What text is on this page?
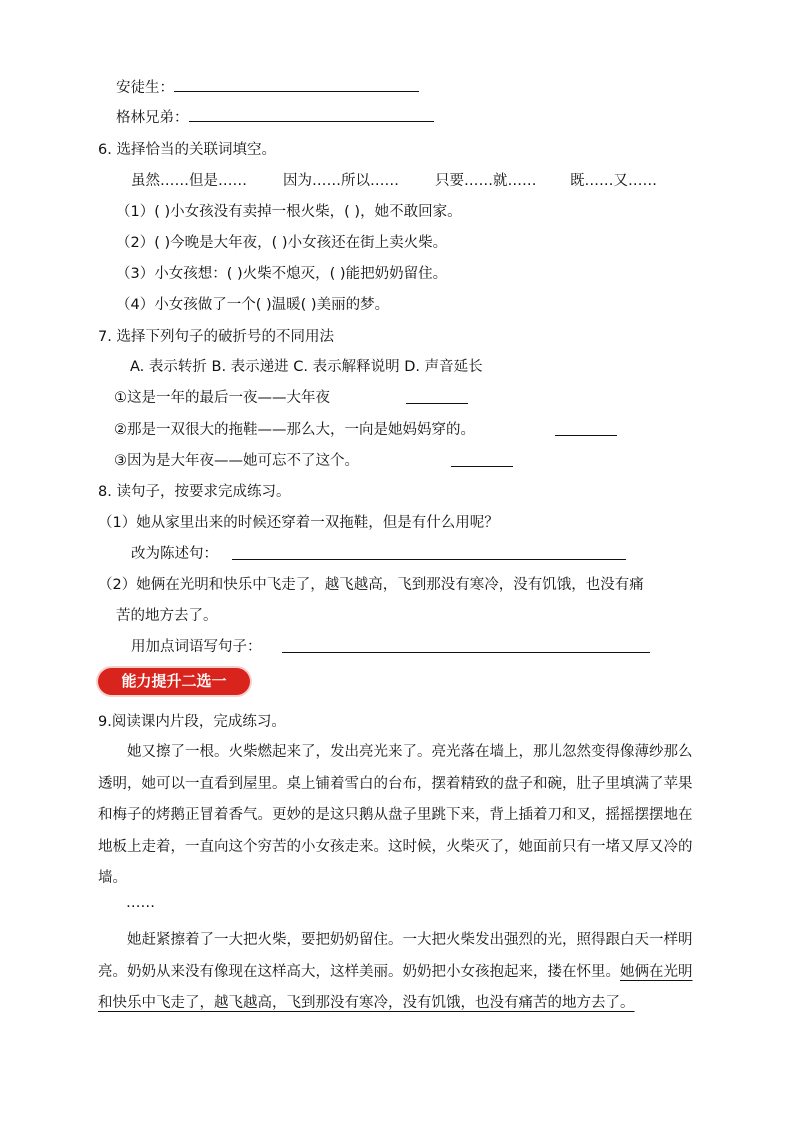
安徒生：
格林兄弟：
6. 选择恰当的关联词填空。
虽然……但是…… 因为……所以…… 只要……就…… 既……又……
（1）( )小女孩没有卖掉一根火柴，( )，她不敢回家。
（2）( )今晚是大年夜，( )小女孩还在街上卖火柴。
（3）小女孩想：( )火柴不熄灭，( )能把奶奶留住。
（4）小女孩做了一个( )温暖( )美丽的梦。
7. 选择下列句子的破折号的不同用法
A. 表示转折 B. 表示递进 C. 表示解释说明 D. 声音延长
①这是一年的最后一夜——大年夜
②那是一双很大的拖鞋——那么大，一向是她妈妈穿的。
③因为是大年夜——她可忘不了这个。
8. 读句子，按要求完成练习。
（1）她从家里出来的时候还穿着一双拖鞋，但是有什么用呢？
改为陈述句：
（2）她俩在光明和快乐中飞走了，越飞越高，飞到那没有寒冷，没有饥饿，也没有痛
苦的地方去了。
用加点词语写句子：
能力提升二选一
9.阅读课内片段，完成练习。
　　她又擦了一根。火柴燃起来了，发出亮光来了。亮光落在墙上，那儿忽然变得像薄纱那么透明，她可以一直看到屋里。桌上铺着雪白的台布，摆着精致的盘子和碗，肚子里填满了苹果和梅子的烤鹅正冒着香气。更妙的是这只鹅从盘子里跳下来，背上插着刀和叉，摇摇摆摆地在地板上走着，一直向这个穷苦的小女孩走来。这时候，火柴灭了，她面前只有一堵又厚又冷的墙。
……
　　她赶紧擦着了一大把火柴，要把奶奶留住。一大把火柴发出强烈的光，照得跟白天一样明亮。奶奶从来没有像现在这样高大，这样美丽。奶奶把小女孩抱起来，搂在怀里。她俩在光明和快乐中飞走了，越飞越高，飞到那没有寒冷，没有饥饿，也没有痛苦的地方去了。
